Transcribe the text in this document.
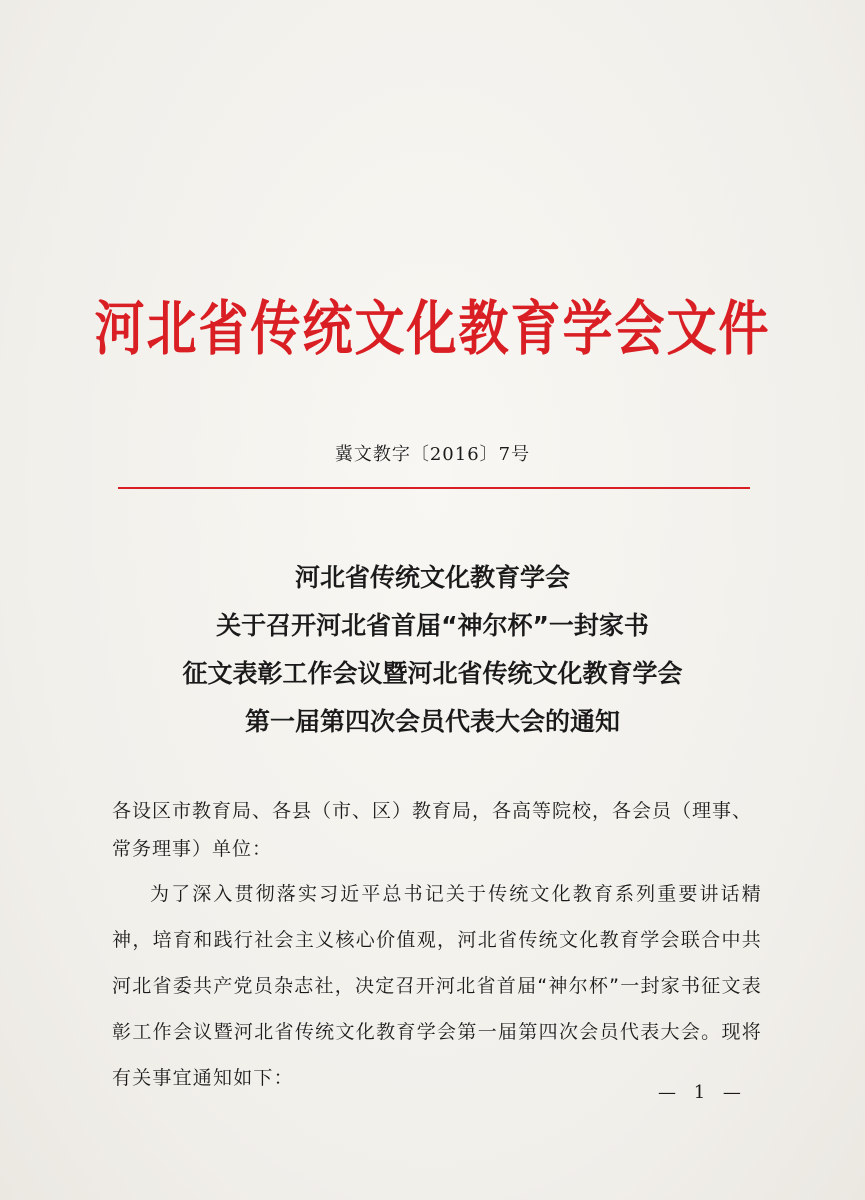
河北省传统文化教育学会文件
冀文教字〔2016〕7号
河北省传统文化教育学会
关于召开河北省首届“神尔杯”一封家书
征文表彰工作会议暨河北省传统文化教育学会
第一届第四次会员代表大会的通知
各设区市教育局、各县（市、区）教育局，各高等院校，各会员（理事、常务理事）单位：
为了深入贯彻落实习近平总书记关于传统文化教育系列重要讲话精神，培育和践行社会主义核心价值观，河北省传统文化教育学会联合中共河北省委共产党员杂志社，决定召开河北省首届“神尔杯”一封家书征文表彰工作会议暨河北省传统文化教育学会第一届第四次会员代表大会。现将有关事宜通知如下：
— 1 —
